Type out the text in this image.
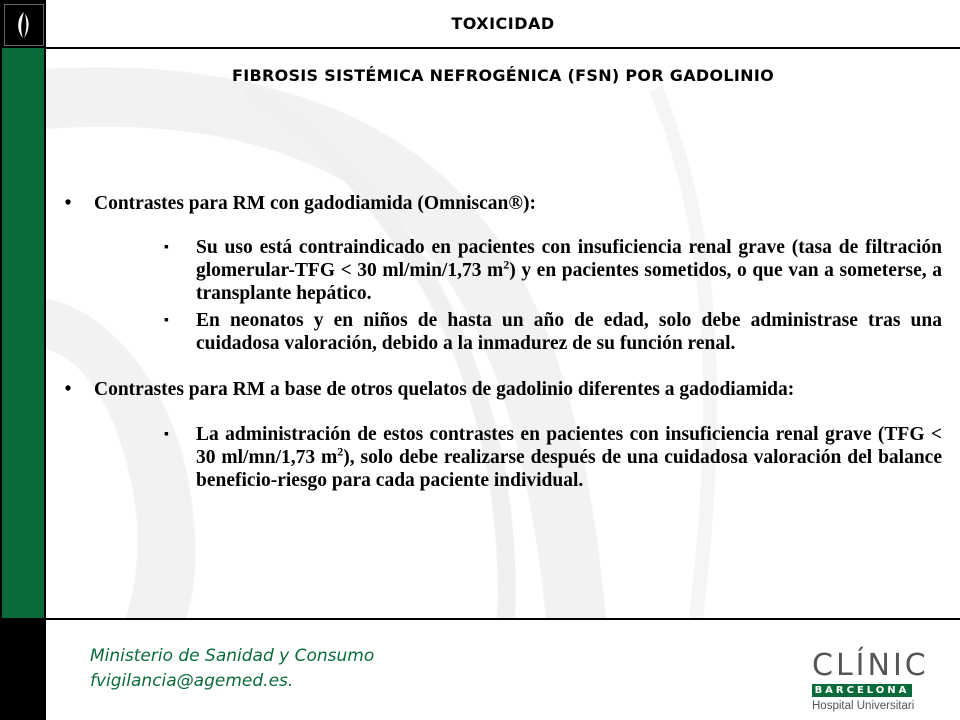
TOXICIDAD
FIBROSIS SISTÉMICA NEFROGÉNICA (FSN) POR GADOLINIO
•	Contrastes para RM con gadodiamida (Omniscan®):
▪ Su uso está contraindicado en pacientes con insuficiencia renal grave (tasa de filtración glomerular-TFG < 30 ml/min/1,73 $m^2$) y en pacientes sometidos, o que van a someterse, a transplante hepático.
▪ En neonatos y en niños de hasta un año de edad, solo debe administrase tras una cuidadosa valoración, debido a la inmadurez de su función renal.
•	Contrastes para RM a base de otros quelatos de gadolinio diferentes a gadodiamida:
▪ La administración de estos contrastes en pacientes con insuficiencia renal grave (TFG < 30 ml/mn/1,73 $m^2$), solo debe realizarse después de una cuidadosa valoración del balance beneficio-riesgo para cada paciente individual.
Ministerio de Sanidad y Consumo
fvigilancia@agemed.es.	CLÍNIC
BARCELONA
Hospital Universitari
